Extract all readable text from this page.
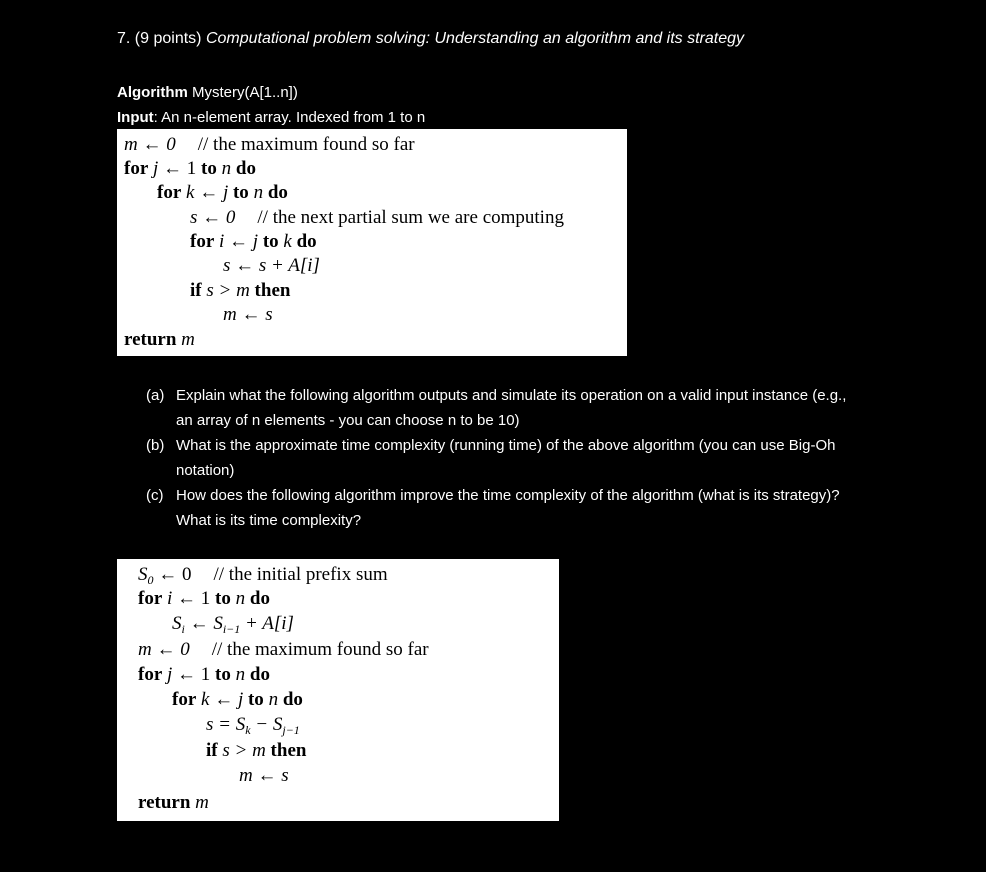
7. (9 points) Computational problem solving: Understanding an algorithm and its strategy
Algorithm Mystery(A[1..n])
Input: An n-element array. Indexed from 1 to n
m ← 0 // the maximum found so far
for j ← 1 to n do
for k ← j to n do
s ← 0 // the next partial sum we are computing
for i ← j to k do
s ← s + A[i]
if s > m then
m ← s
return m
(a) Explain what the following algorithm outputs and simulate its operation on a valid input instance (e.g., an array of n elements - you can choose n to be 10)
(b) What is the approximate time complexity (running time) of the above algorithm (you can use Big-Oh notation)
(c) How does the following algorithm improve the time complexity of the algorithm (what is its strategy)? What is its time complexity?
$S_0$ ← 0 // the initial prefix sum
for i ← 1 to n do
$S_i$ ← $S_{i-1} + A[i]$
m ← 0 // the maximum found so far
for j ← 1 to n do
for k ← j to n do
$s = S_k - S_{j-1}$
if s > m then
m ← s
return m
